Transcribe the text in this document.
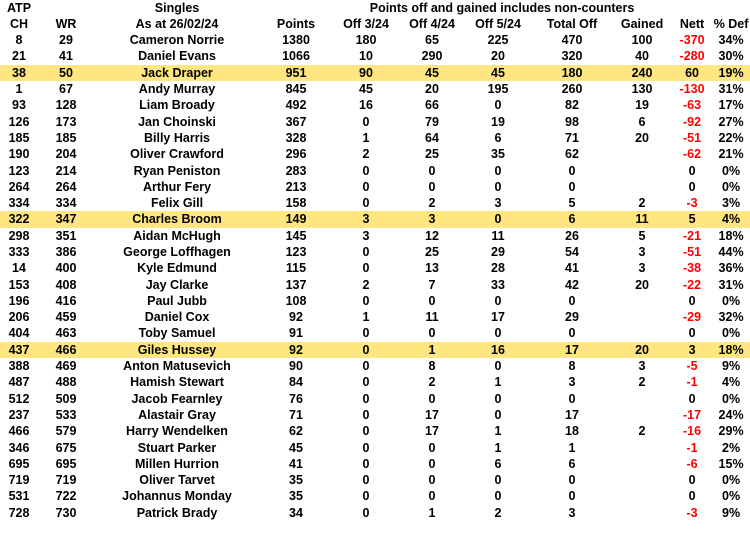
ATP		Singles		Points off and gained includes non-counters						
CH	WR	As at 26/02/24	Points	Off 3/24	Off 4/24	Off 5/24	Total Off	Gained	Nett	% Def
8	29	Cameron Norrie	1380	180	65	225	470	100	-370	34%
21	41	Daniel Evans	1066	10	290	20	320	40	-280	30%
38	50	Jack Draper	951	90	45	45	180	240	60	19%
1	67	Andy Murray	845	45	20	195	260	130	-130	31%
93	128	Liam Broady	492	16	66	0	82	19	-63	17%
126	173	Jan Choinski	367	0	79	19	98	6	-92	27%
185	185	Billy Harris	328	1	64	6	71	20	-51	22%
190	204	Oliver Crawford	296	2	25	35	62		-62	21%
123	214	Ryan Peniston	283	0	0	0	0		0	0%
264	264	Arthur Fery	213	0	0	0	0		0	0%
334	334	Felix Gill	158	0	2	3	5	2	-3	3%
322	347	Charles Broom	149	3	3	0	6	11	5	4%
298	351	Aidan McHugh	145	3	12	11	26	5	-21	18%
333	386	George Loffhagen	123	0	25	29	54	3	-51	44%
14	400	Kyle Edmund	115	0	13	28	41	3	-38	36%
153	408	Jay Clarke	137	2	7	33	42	20	-22	31%
196	416	Paul Jubb	108	0	0	0	0		0	0%
206	459	Daniel Cox	92	1	11	17	29		-29	32%
404	463	Toby Samuel	91	0	0	0	0		0	0%
437	466	Giles Hussey	92	0	1	16	17	20	3	18%
388	469	Anton Matusevich	90	0	8	0	8	3	-5	9%
487	488	Hamish Stewart	84	0	2	1	3	2	-1	4%
512	509	Jacob Fearnley	76	0	0	0	0		0	0%
237	533	Alastair Gray	71	0	17	0	17		-17	24%
466	579	Harry Wendelken	62	0	17	1	18	2	-16	29%
346	675	Stuart Parker	45	0	0	1	1		-1	2%
695	695	Millen Hurrion	41	0	0	6	6		-6	15%
719	719	Oliver Tarvet	35	0	0	0	0		0	0%
531	722	Johannus Monday	35	0	0	0	0		0	0%
728	730	Patrick Brady	34	0	1	2	3		-3	9%
